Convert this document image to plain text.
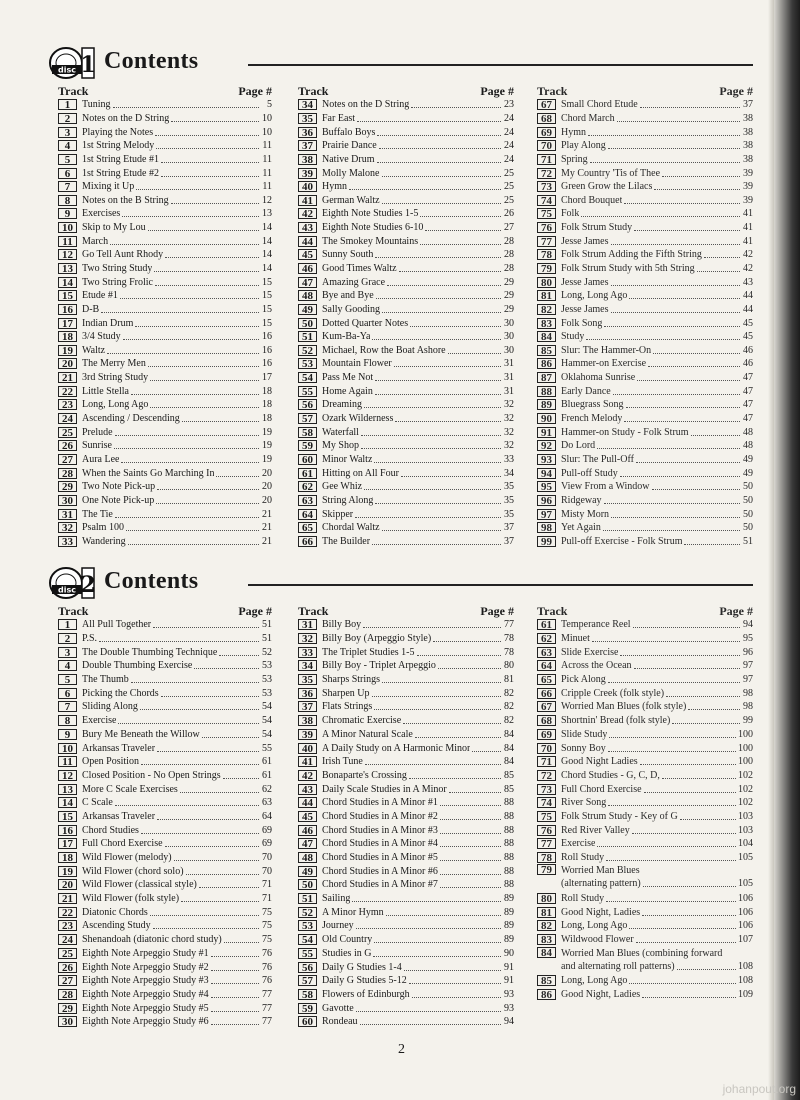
disc 1 Contents
Track	Page #
1	Tuning	5
2	Notes on the D String	10
3	Playing the Notes	10
4	1st String Melody	11
5	1st String Etude #1	11
6	1st String Etude #2	11
7	Mixing it Up	11
8	Notes on the B String	12
9	Exercises	13
10 Skip to My Lou	14
11 March	14
12 Go Tell Aunt Rhody	14
13 Two String Study	14
14 Two String Frolic	15
15 Etude #1	15
16 D-B	15
17 Indian Drum	15
18 3/4 Study	16
19 Waltz	16
20 The Merry Men	16
21 3rd String Study	17
22 Little Stella	18
23 Long, Long Ago	18
24 Ascending / Descending	18
25 Prelude	19
26 Sunrise	19
27 Aura Lee	19
28 When the Saints Go Marching In	20
29 Two Note Pick-up	20
30 One Note Pick-up	20
31 The Tie	21
32 Psalm 100	21
33 Wandering	21
Track	Page #
34 Notes on the D String	23
35 Far East	24
36 Buffalo Boys	24
37 Prairie Dance	24
38 Native Drum	24
39 Molly Malone	25
40 Hymn	25
41 German Waltz	25
42 Eighth Note Studies 1-5	26
43 Eighth Note Studies 6-10	27
44 The Smokey Mountains	28
45 Sunny South	28
46 Good Times Waltz	28
47 Amazing Grace	29
48 Bye and Bye	29
49 Sally Gooding	29
50 Dotted Quarter Notes	30
51 Kum-Ba-Ya	30
52 Michael, Row the Boat Ashore	30
53 Mountain Flower	31
54 Pass Me Not	31
55 Home Again	31
56 Dreaming	32
57 Ozark Wilderness	32
58 Waterfall	32
59 My Shop	32
60 Minor Waltz	33
61 Hitting on All Four	34
62 Gee Whiz	35
63 String Along	35
64 Skipper	35
65 Chordal Waltz	37
66 The Builder	37
Track	Page #
67 Small Chord Etude	37
68 Chord March	38
69 Hymn	38
70 Play Along	38
71 Spring	38
72 My Country 'Tis of Thee	39
73 Green Grow the Lilacs	39
74 Chord Bouquet	39
75 Folk	41
76 Folk Strum Study	41
77 Jesse James	41
78 Folk Strum Adding the Fifth String	42
79 Folk Strum Study with 5th String	42
80 Jesse James	43
81 Long, Long Ago	44
82 Jesse James	44
83 Folk Song	45
84 Study	45
85 Slur: The Hammer-On	46
86 Hammer-on Exercise	46
87 Oklahoma Sunrise	47
88 Early Dance	47
89 Bluegrass Song	47
90 French Melody	47
91 Hammer-on Study - Folk Strum	48
92 Do Lord	48
93 Slur: The Pull-Off	49
94 Pull-off Study	49
95 View From a Window	50
96 Ridgeway	50
97 Misty Morn	50
98 Yet Again	50
99 Pull-off Exercise - Folk Strum	51
disc 2 Contents
Track	Page #
1	All Pull Together	51
2	P.S.	51
3	The Double Thumbing Technique	52
4	Double Thumbing Exercise	53
5	The Thumb	53
6	Picking the Chords	53
7	Sliding Along	54
8	Exercise	54
9	Bury Me Beneath the Willow	54
10 Arkansas Traveler	55
11 Open Position	61
12 Closed Position - No Open Strings	61
13 More C Scale Exercises	62
14 C Scale	63
15 Arkansas Traveler	64
16 Chord Studies	69
17 Full Chord Exercise	69
18 Wild Flower (melody)	70
19 Wild Flower (chord solo)	70
20 Wild Flower (classical style)	71
21 Wild Flower (folk style)	71
22 Diatonic Chords	75
23 Ascending Study	75
24 Shenandoah (diatonic chord study)	75
25 Eighth Note Arpeggio Study #1	76
26 Eighth Note Arpeggio Study #2	76
27 Eighth Note Arpeggio Study #3	76
28 Eighth Note Arpeggio Study #4	77
29 Eighth Note Arpeggio Study #5	77
30 Eighth Note Arpeggio Study #6	77
Track	Page #
31 Billy Boy	77
32 Billy Boy (Arpeggio Style)	78
33 The Triplet Studies 1-5	78
34 Billy Boy - Triplet Arpeggio	80
35 Sharps Strings	81
36 Sharpen Up	82
37 Flats Strings	82
38 Chromatic Exercise	82
39 A Minor Natural Scale	84
40 A Daily Study on A Harmonic Minor	84
41 Irish Tune	84
42 Bonaparte's Crossing	85
43 Daily Scale Studies in A Minor	85
44 Chord Studies in A Minor #1	88
45 Chord Studies in A Minor #2	88
46 Chord Studies in A Minor #3	88
47 Chord Studies in A Minor #4	88
48 Chord Studies in A Minor #5	88
49 Chord Studies in A Minor #6	88
50 Chord Studies in A Minor #7	88
51 Sailing	89
52 A Minor Hymn	89
53 Journey	89
54 Old Country	89
55 Studies in G	90
56 Daily G Studies 1-4	91
57 Daily G Studies 5-12	91
58 Flowers of Edinburgh	93
59 Gavotte	93
60 Rondeau	94
Track	Page #
61 Temperance Reel	94
62 Minuet	95
63 Slide Exercise	96
64 Across the Ocean	97
65 Pick Along	97
66 Cripple Creek (folk style)	98
67 Worried Man Blues (folk style)	98
68 Shortnin' Bread (folk style)	99
69 Slide Study	100
70 Sonny Boy	100
71 Good Night Ladies	100
72 Chord Studies - G, C, D,	102
73 Full Chord Exercise	102
74 River Song	102
75 Folk Strum Study - Key of G	103
76 Red River Valley	103
77 Exercise	104
78 Roll Study	105
79 Worried Man Blues
(alternating pattern)	105
80 Roll Study	106
81 Good Night, Ladies	106
82 Long, Long Ago	106
83 Wildwood Flower	107
84 Worried Man Blues (combining forward
and alternating roll patterns)	108
85 Long, Long Ago	108
86 Good Night, Ladies	109
2
johanpout.org
